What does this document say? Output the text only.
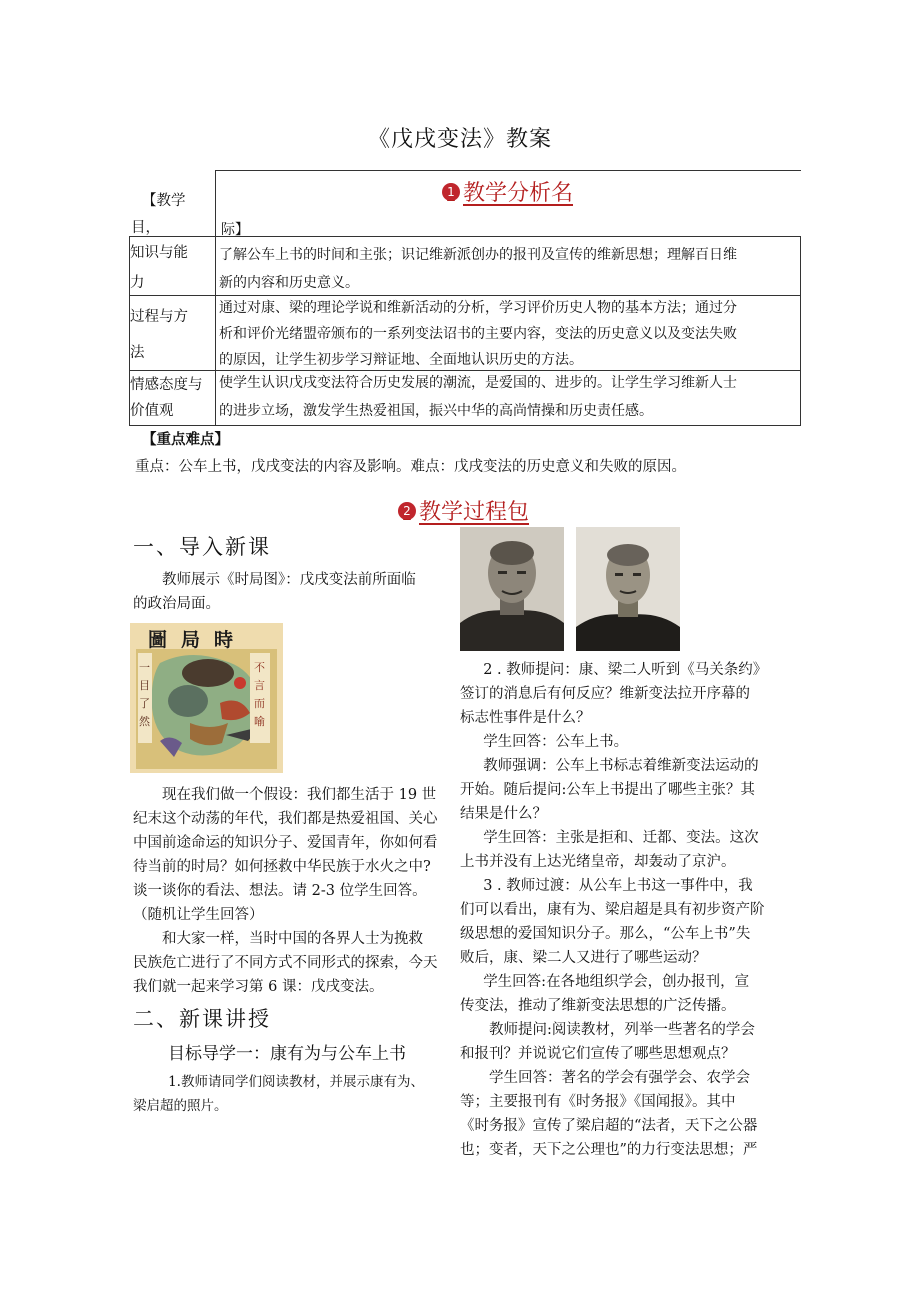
《戊戌变法》教案
【教学
目，	际】
1 教学分析名
知识与能
力
了解公车上书的时间和主张；识记维新派创办的报刊及宣传的维新思想；理解百日维
新的内容和历史意义。
过程与方
法
通过对康、梁的理论学说和维新活动的分析，学习评价历史人物的基本方法；通过分
析和评价光绪盟帝颁布的一系列变法诏书的主要内容，变法的历史意义以及变法失败
的原因，让学生初步学习辩证地、全面地认识历史的方法。
情感态度与
价值观
使学生认识戊戌变法符合历史发展的潮流，是爱国的、进步的。让学生学习维新人士
的进步立场，激发学生热爱祖国，振兴中华的高尚情操和历史责任感。
【重点难点】
重点：公车上书，戊戌变法的内容及影响。难点：戊戌变法的历史意义和失败的原因。
2 教学过程包
一、导入新课
教师展示《时局图》：戊戌变法前所面临
的政治局面。
圖局時
一目了然
不言而喻
现在我们做一个假设：我们都生活于 19 世
纪末这个动荡的年代，我们都是热爱祖国、关心
中国前途命运的知识分子、爱国青年，你如何看
待当前的时局？如何拯救中华民族于水火之中?
谈一谈你的看法、想法。请 2-3 位学生回答。
（随机让学生回答）
和大家一样，当时中国的各界人士为挽救
民族危亡进行了不同方式不同形式的探索，今天
我们就一起来学习第 6 课：戊戌变法。
二、新课讲授
目标导学一：康有为与公车上书
1.教师请同学们阅读教材，并展示康有为、
梁启超的照片。
2 . 教师提问：康、梁二人听到《马关条约》
签订的消息后有何反应？维新变法拉开序幕的
标志性事件是什么？
学生回答：公车上书。
教师强调：公车上书标志着维新变法运动的
开始。随后提问:公车上书提出了哪些主张？其
结果是什么？
学生回答：主张是拒和、迁都、变法。这次
上书并没有上达光绪皇帝，却轰动了京沪。
3 . 教师过渡：从公车上书这一事件中，我
们可以看出，康有为、梁启超是具有初步资产阶
级思想的爱国知识分子。那么，“公车上书”失
败后，康、梁二人又进行了哪些运动？
学生回答:在各地组织学会，创办报刊，宣
传变法，推动了维新变法思想的广泛传播。
教师提问:阅读教材，列举一些著名的学会
和报刊？并说说它们宣传了哪些思想观点？
学生回答：著名的学会有强学会、农学会
等；主要报刊有《时务报》《国闻报》。其中
《时务报》宣传了梁启超的“法者，天下之公器
也；变者，天下之公理也”的力行变法思想；严
